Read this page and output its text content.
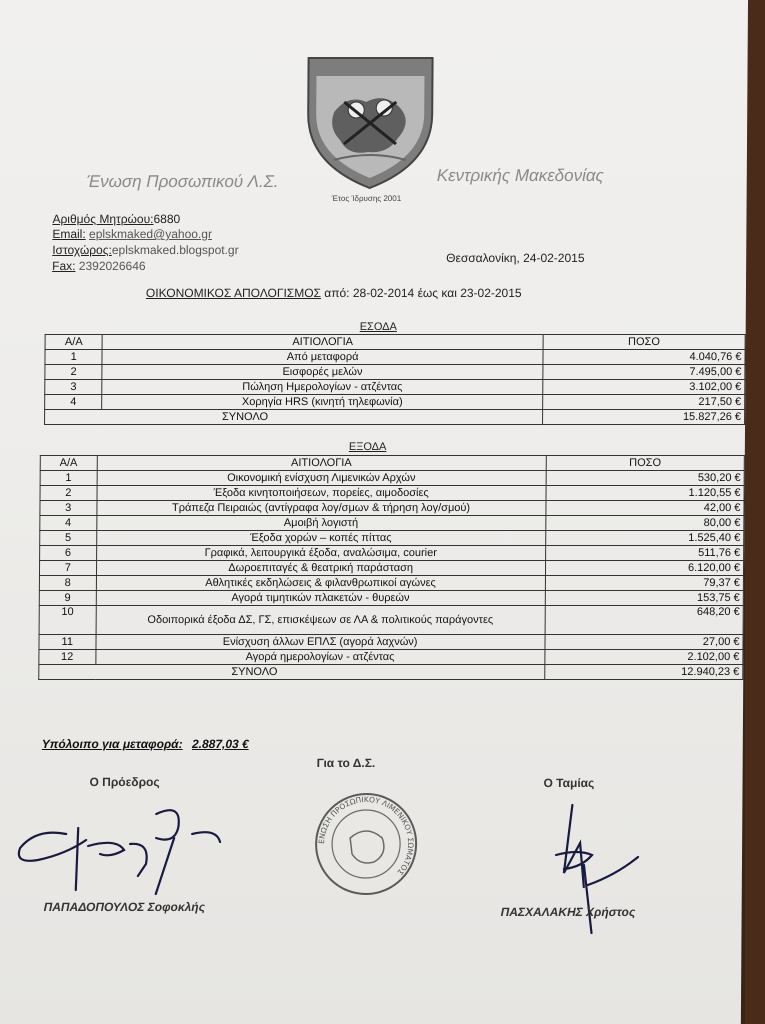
Έτος Ίδρυσης 2001
Ένωση Προσωπικού Λ.Σ.	Κεντρικής Μακεδονίας
Αριθμός Μητρώου:6880
Email: eplskmaked@yahoo.gr
Ιστοχώρος:eplskmaked.blogspot.gr
Fax: 2392026646
Θεσσαλονίκη, 24-02-2015
ΟΙΚΟΝΟΜΙΚΟΣ ΑΠΟΛΟΓΙΣΜΟΣ από: 28-02-2014 έως και 23-02-2015
ΕΣΟΔΑ
Α/Α	ΑΙΤΙΟΛΟΓΙΑ	ΠΟΣΟ
1	Από μεταφορά	4.040,76 €
2	Εισφορές μελών	7.495,00 €
3	Πώληση Ημερολογίων - ατζέντας	3.102,00 €
4	Χορηγία HRS (κινητή τηλεφωνία)	217,50 €
	ΣΥΝΟΛΟ	15.827,26 €
ΕΞΟΔΑ
Α/Α	ΑΙΤΙΟΛΟΓΙΑ	ΠΟΣΟ
1	Οικονομική ενίσχυση Λιμενικών Αρχών	530,20 €
2	Έξοδα κινητοποιήσεων, πορείες, αιμοδοσίες	1.120,55 €
3	Τράπεζα Πειραιώς (αντίγραφα λογ/σμων & τήρηση λογ/σμού)	42,00 €
4	Αμοιβή λογιστή	80,00 €
5	Έξοδα χορών – κοπές πίττας	1.525,40 €
6	Γραφικά, λειτουργικά έξοδα, αναλώσιμα, courier	511,76 €
7	Δωροεπιταγές & θεατρική παράσταση	6.120,00 €
8	Αθλητικές εκδηλώσεις & φιλανθρωπικοί αγώνες	79,37 €
9	Αγορά τιμητικών πλακετών - θυρεών	153,75 €
10	Οδοιπορικά έξοδα ΔΣ, ΓΣ, επισκέψεων σε ΛΑ & πολιτικούς παράγοντες	648,20 €
11	Ενίσχυση άλλων ΕΠΛΣ (αγορά λαχνών)	27,00 €
12	Αγορά ημερολογίων - ατζέντας	2.102,00 €
	ΣΥΝΟΛΟ	12.940,23 €
Υπόλοιπο για μεταφορά: 2.887,03 €
Για το Δ.Σ.
Ο Πρόεδρος	Ο Ταμίας
ΕΝΩΣΗ ΠΡΟΣΩΠΙΚΟΥ ΛΙΜΕΝΙΚΟΥ ΣΩΜΑΤΟΣ
ΠΑΠΑΔΟΠΟΥΛΟΣ Σοφοκλής	ΠΑΣΧΑΛΑΚΗΣ Χρήστος
